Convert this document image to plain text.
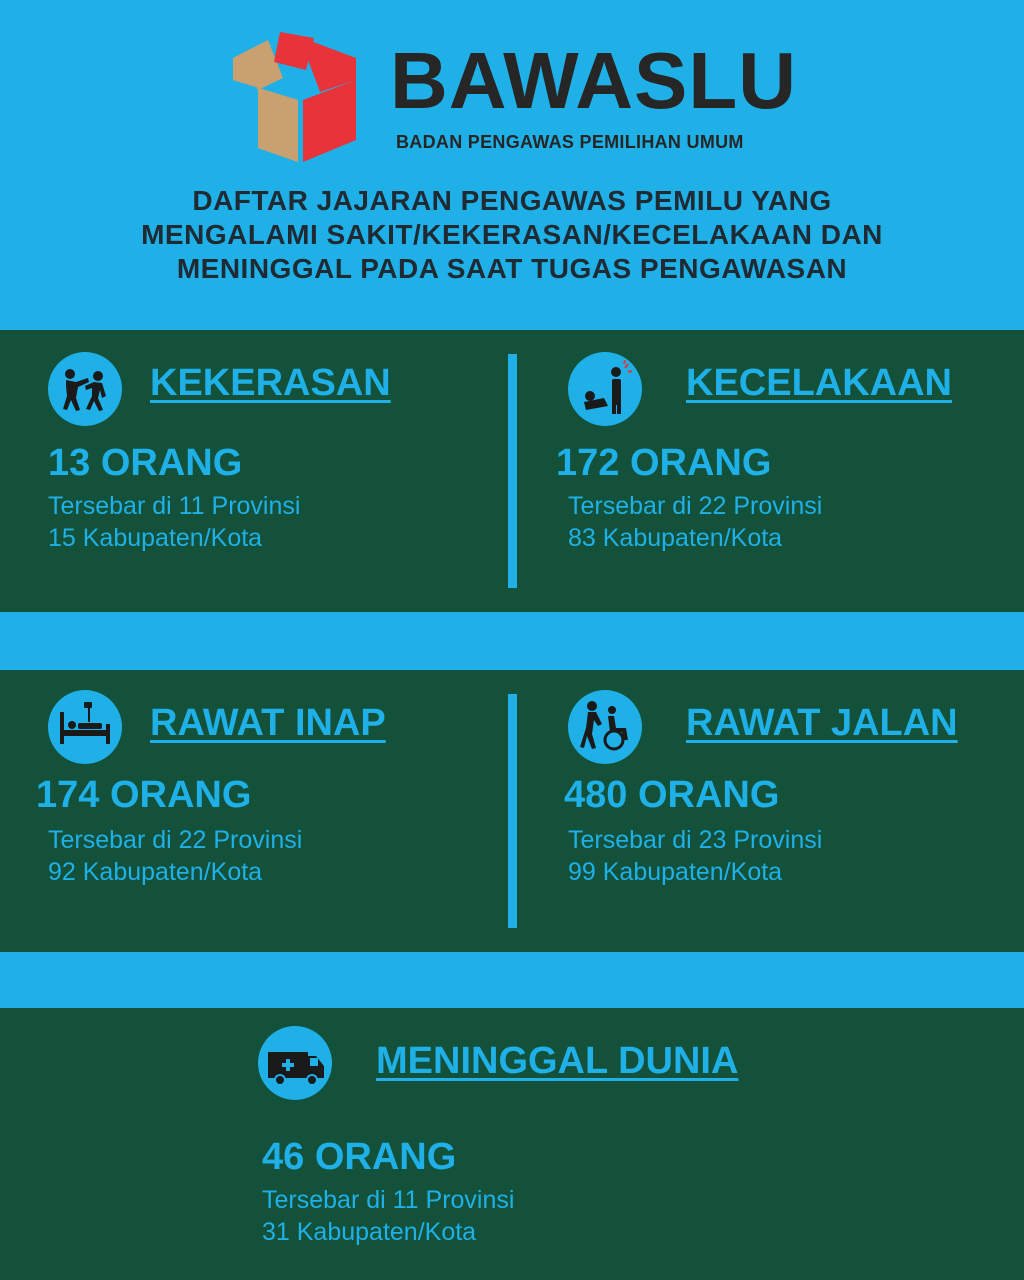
BAWASLU
BADAN PENGAWAS PEMILIHAN UMUM
DAFTAR JAJARAN PENGAWAS PEMILU YANG
MENGALAMI SAKIT/KEKERASAN/KECELAKAAN DAN
MENINGGAL PADA SAAT TUGAS PENGAWASAN
KEKERASAN
13 ORANG
Tersebar di 11 Provinsi
15 Kabupaten/Kota
KECELAKAAN
172 ORANG
Tersebar di 22 Provinsi
83 Kabupaten/Kota
RAWAT INAP
174 ORANG
Tersebar di 22 Provinsi
92 Kabupaten/Kota
RAWAT JALAN
480 ORANG
Tersebar di 23 Provinsi
99 Kabupaten/Kota
MENINGGAL DUNIA
46 ORANG
Tersebar di 11 Provinsi
31 Kabupaten/Kota
